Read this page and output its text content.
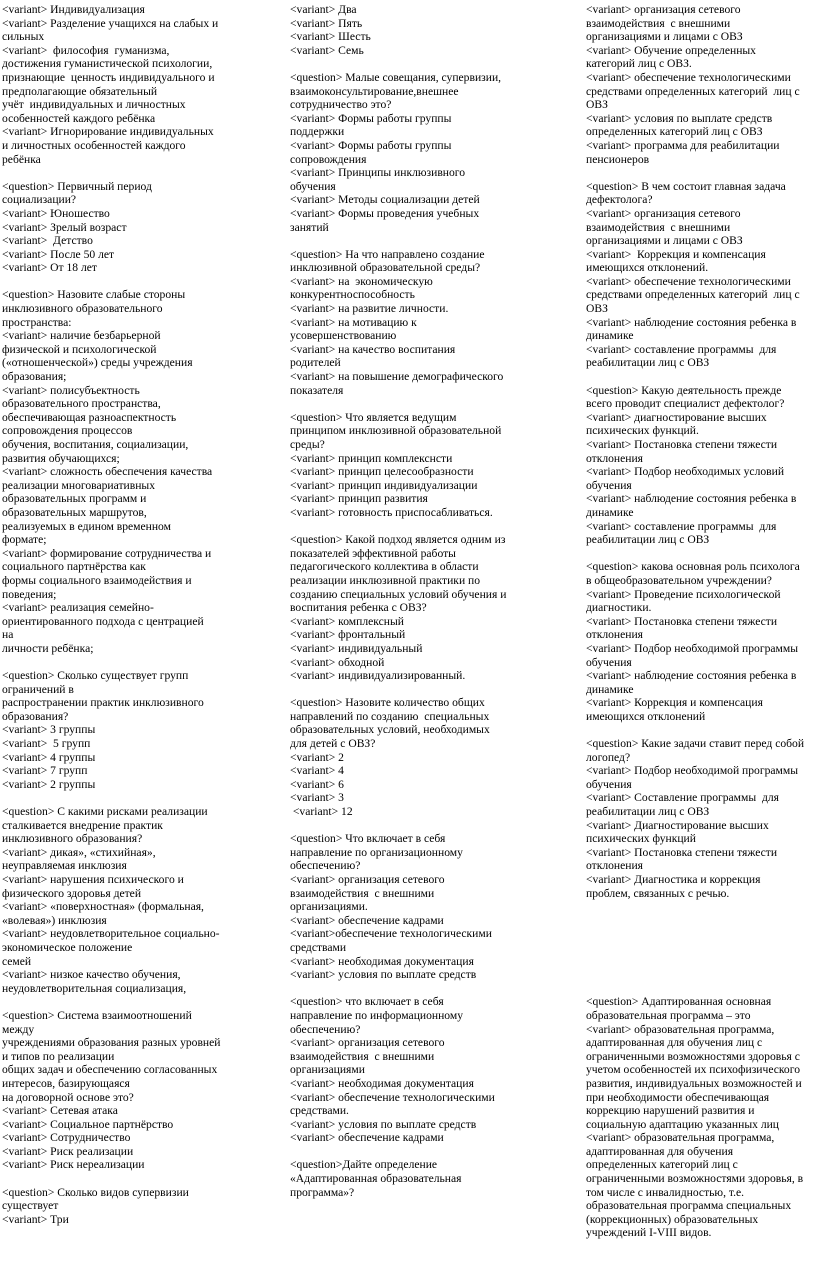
<variant> Индивидуализация
<variant> Разделение учащихся на слабых и
сильных
<variant>  философия  гуманизма,
достижения гуманистической психологии,
признающие  ценность индивидуального и
предполагающие обязательный
учёт  индивидуальных и личностных
особенностей каждого ребёнка
<variant> Игнорирование индивидуальных
и личностных особенностей каждого
ребёнка
<question> Первичный период
социализации?
<variant> Юношество
<variant> Зрелый возраст
<variant>  Детство
<variant> После 50 лет
<variant> От 18 лет
<question> Назовите слабые стороны
инклюзивного образовательного
пространства:
<variant> наличие безбарьерной
физической и психологической
(«отношенческой») среды учреждения
образования;
<variant> полисубъектность
образовательного пространства,
обеспечивающая разноаспектность
сопровождения процессов
обучения, воспитания, социализации,
развития обучающихся;
<variant> сложность обеспечения качества
реализации многовариативных
образовательных программ и
образовательных маршрутов,
реализуемых в едином временном
формате;
<variant> формирование сотрудничества и
социального партнёрства как
формы социального взаимодействия и
поведения;
<variant> реализация семейно-
ориентированного подхода с центрацией
на
личности ребёнка;
<question> Сколько существует групп
ограничений в
распространении практик инклюзивного
образования?
<variant> 3 группы
<variant>  5 групп
<variant> 4 группы
<variant> 7 групп
<variant> 2 группы
<question> С какими рисками реализации
сталкивается внедрение практик
инклюзивного образования?
<variant> дикая», «стихийная»,
неуправляемая инклюзия
<variant> нарушения психического и
физического здоровья детей
<variant> «поверхностная» (формальная,
«волевая») инклюзия
<variant> неудовлетворительное социально-
экономическое положение
семей
<variant> низкое качество обучения,
неудовлетворительная социализация,
<question> Система взаимоотношений
между
учреждениями образования разных уровней
и типов по реализации
общих задач и обеспечению согласованных
интересов, базирующаяся
на договорной основе это?
<variant> Сетевая атака
<variant> Социальное партнёрство
<variant> Сотрудничество
<variant> Риск реализации
<variant> Риск нереализации
<question> Сколько видов супервизии
существует
<variant> Три
<variant> Два
<variant> Пять
<variant> Шесть
<variant> Семь
<question> Малые совещания, супервизии,
взаимоконсультирование,внешнее
сотрудничество это?
<variant> Формы работы группы
поддержки
<variant> Формы работы группы
сопровождения
<variant> Принципы инклюзивного
обучения
<variant> Методы социализации детей
<variant> Формы проведения учебных
занятий
<question> На что направлено создание
инклюзивной образовательной среды?
<variant> на  экономическую
конкурентноспособность
<variant> на развитие личности.
<variant> на мотивацию к
усовершенствованию
<variant> на качество воспитания
родителей
<variant> на повышение демографического
показателя
<question> Что является ведущим
принципом инклюзивной образовательной
среды?
<variant> принцип комплекснсти
<variant> принцип целесообразности
<variant> принцип индивидуализации
<variant> принцип развития
<variant> готовность приспосабливаться.
<question> Какой подход является одним из
показателей эффективной работы
педагогического коллектива в области
реализации инклюзивной практики по
созданию специальных условий обучения и
воспитания ребенка с ОВЗ?
<variant> комплексный
<variant> фронтальный
<variant> индивидуальный
<variant> обходной
<variant> индивидуализированный.
<question> Назовите количество общих
направлений по созданию  специальных
образовательных условий, необходимых
для детей с ОВЗ?
<variant> 2
<variant> 4
<variant> 6
<variant> 3
<variant> 12
<question> Что включает в себя
направление по организационному
обеспечению?
<variant> организация сетевого
взаимодействия  с внешними
организациями.
<variant> обеспечение кадрами
<variant>обеспечение технологическими
средствами
<variant> необходимая документация
<variant> условия по выплате средств
<question> что включает в себя
направление по информационному
обеспечению?
<variant> организация сетевого
взаимодействия  с внешними
организациями
<variant> необходимая документация
<variant> обеспечение технологическими
средствами.
<variant> условия по выплате средств
<variant> обеспечение кадрами
<question>Дайте определение
«Адаптированная образовательная
программа»?
<variant> организация сетевого
взаимодействия  с внешними
организациями и лицами с ОВЗ
<variant> Обучение определенных
категорий лиц с ОВЗ.
<variant> обеспечение технологическими
средствами определенных категорий  лиц с
ОВЗ
<variant> условия по выплате средств
определенных категорий лиц с ОВЗ
<variant> программа для реабилитации
пенсионеров
<question> В чем состоит главная задача
дефектолога?
<variant> организация сетевого
взаимодействия  с внешними
организациями и лицами с ОВЗ
<variant>  Коррекция и компенсация
имеющихся отклонений.
<variant> обеспечение технологическими
средствами определенных категорий  лиц с
ОВЗ
<variant> наблюдение состояния ребенка в
динамике
<variant> составление программы  для
реабилитации лиц с ОВЗ
<question> Какую деятельность прежде
всего проводит специалист дефектолог?
<variant> диагностирование высших
психических функций.
<variant> Постановка степени тяжести
отклонения
<variant> Подбор необходимых условий
обучения
<variant> наблюдение состояния ребенка в
динамике
<variant> составление программы  для
реабилитации лиц с ОВЗ
<question> какова основная роль психолога
в общеобразовательном учреждении?
<variant> Проведение психологической
диагностики.
<variant> Постановка степени тяжести
отклонения
<variant> Подбор необходимой программы
обучения
<variant> наблюдение состояния ребенка в
динамике
<variant> Коррекция и компенсация
имеющихся отклонений
<question> Какие задачи ставит перед собой
логопед?
<variant> Подбор необходимой программы
обучения
<variant> Составление программы  для
реабилитации лиц с ОВЗ
<variant> Диагностирование высших
психических функций
<variant> Постановка степени тяжести
отклонения
<variant> Диагностика и коррекция
проблем, связанных с речью.
<question> Адаптированная основная
образовательная программа – это
<variant> образовательная программа,
адаптированная для обучения лиц с
ограниченными возможностями здоровья с
учетом особенностей их психофизического
развития, индивидуальных возможностей и
при необходимости обеспечивающая
коррекцию нарушений развития и
социальную адаптацию указанных лиц
<variant> образовательная программа,
адаптированная для обучения
определенных категорий лиц с
ограниченными возможностями здоровья, в
том числе с инвалидностью, т.е.
образовательная программа специальных
(коррекционных) образовательных
учреждений I-VIII видов.
